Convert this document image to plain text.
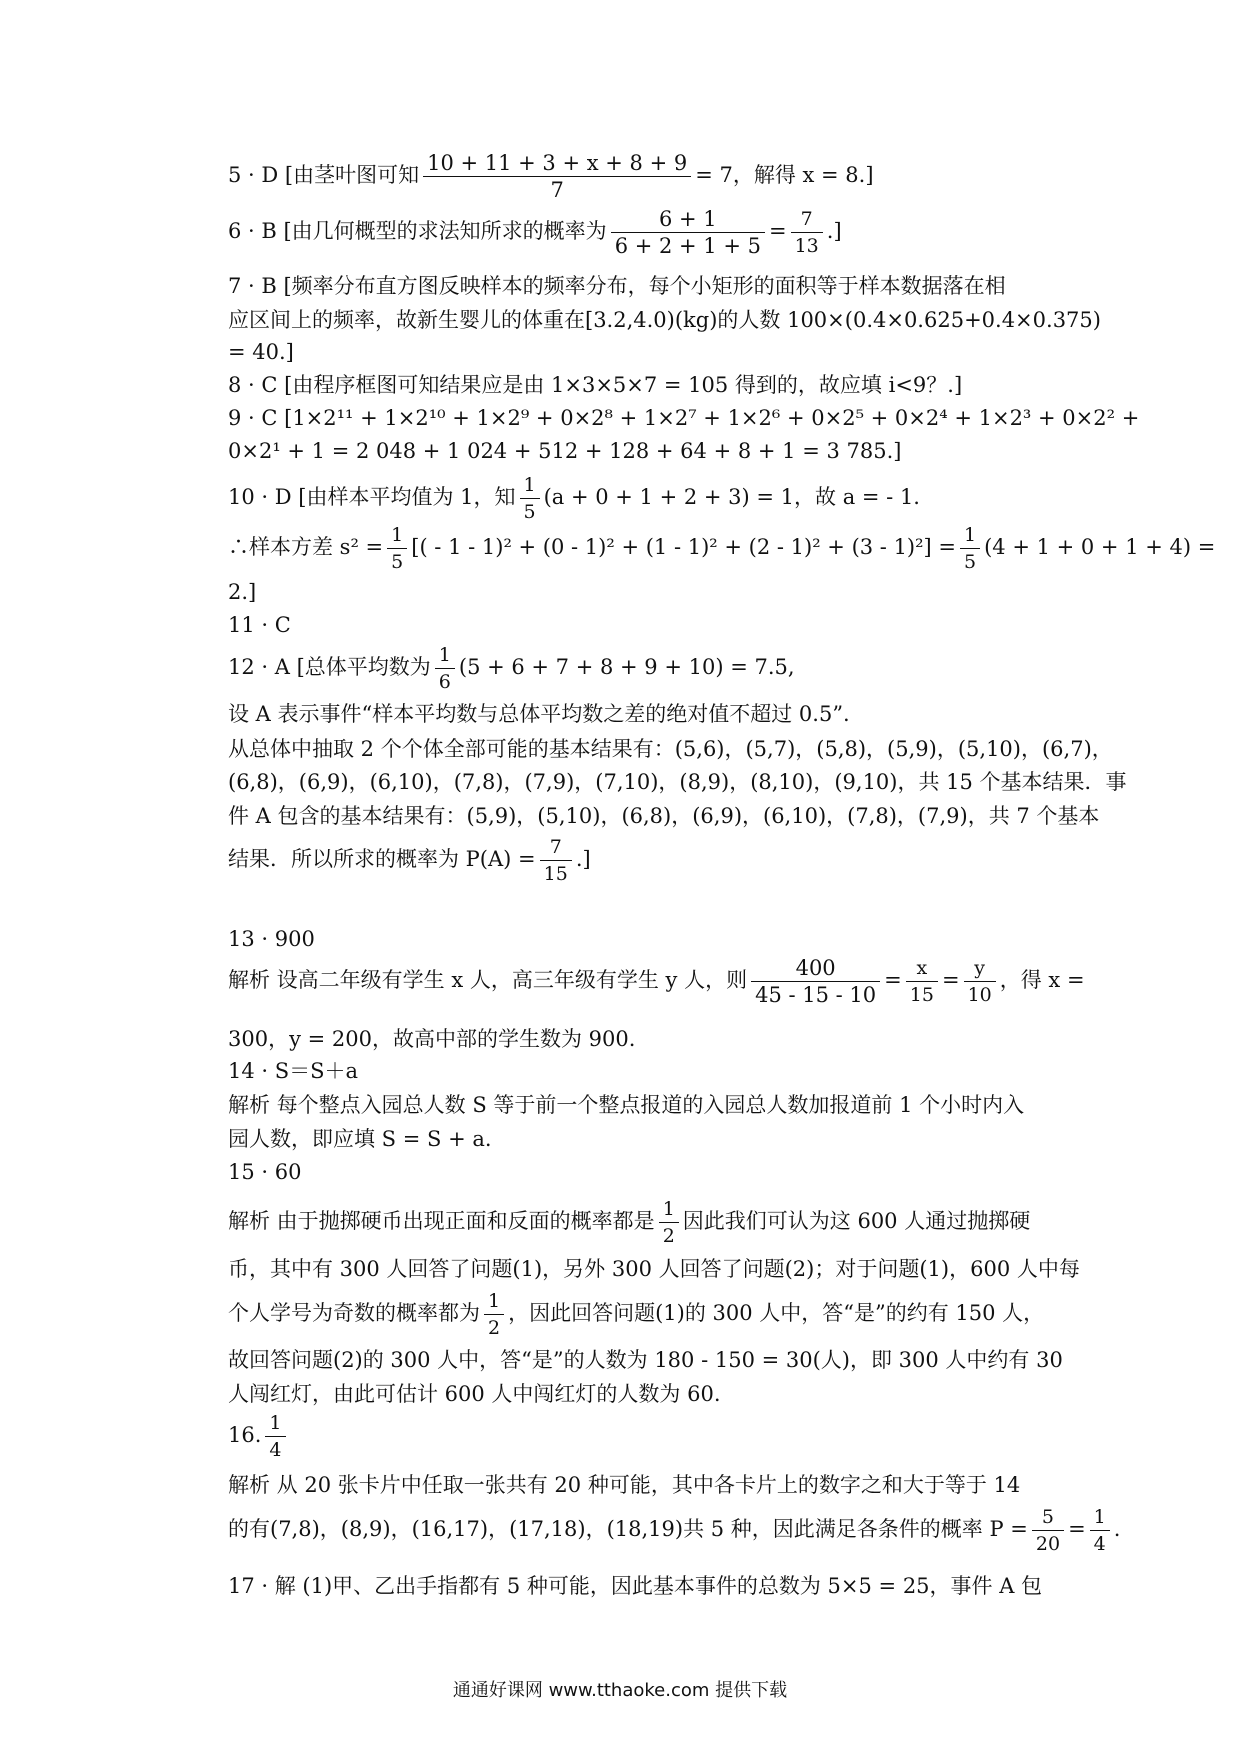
5 · D [由茎叶图可知 $\frac{10 + 11 + 3 + x + 8 + 9}{7} = 7$，解得 x = 8.]
6 · B [由几何概型的求法知所求的概率为 $\frac{6 + 1}{6 + 2 + 1 + 5} = \frac{7}{13}$ .]
7 · B [频率分布直方图反映样本的频率分布，每个小矩形的面积等于样本数据落在相
应区间上的频率，故新生婴儿的体重在[3.2,4.0)(kg)的人数 100×(0.4×0.625+0.4×0.375)
= 40.]
8 · C [由程序框图可知结果应是由 1×3×5×7 = 105 得到的，故应填 i<9？.]
9 · C [1×2¹¹ + 1×2¹⁰ + 1×2⁹ + 0×2⁸ + 1×2⁷ + 1×2⁶ + 0×2⁵ + 0×2⁴ + 1×2³ + 0×2² +
0×2¹ + 1 = 2 048 + 1 024 + 512 + 128 + 64 + 8 + 1 = 3 785.]
10 · D [由样本平均值为 1，知 $\frac{1}{5} (a + 0 + 1 + 2 + 3) = 1$，故 a = - 1.
∴样本方差 $s^2 = \frac{1}{5}$ [( - $1 - 1)^2 + (0 - 1)^2 + (1 - 1)^2 + (2 - 1)^2 + (3 - 1)^2] = \frac{1}{5} (4 + 1 + 0 + 1 + 4)$ =
2.]
11 · C
12 · A [总体平均数为 $\frac{1}{6} (5 + 6 + 7 + 8 + 9 + 10) = 7.5$,
设 A 表示事件“样本平均数与总体平均数之差的绝对值不超过 0.5”.
从总体中抽取 2 个个体全部可能的基本结果有：(5,6)，(5,7)，(5,8)，(5,9)，(5,10)，(6,7)，
(6,8)，(6,9)，(6,10)，(7,8)，(7,9)，(7,10)，(8,9)，(8,10)，(9,10)，共 15 个基本结果．事
件 A 包含的基本结果有：(5,9)，(5,10)，(6,8)，(6,9)，(6,10)，(7,8)，(7,9)，共 7 个基本
结果．所以所求的概率为 $P(A) = \frac{7}{15}$ .]
13 · 900
解析 设高二年级有学生 x 人，高三年级有学生 y 人，则 $\frac{400}{45 - 15 - 10} = \frac{x}{15} = \frac{y}{10}$ ，得 x =
300，y = 200，故高中部的学生数为 900.
14 · S＝S＋a
解析 每个整点入园总人数 S 等于前一个整点报道的入园总人数加报道前 1 个小时内入
园人数，即应填 S = S + a.
15 · 60
解析 由于抛掷硬币出现正面和反面的概率都是 $\frac{1}{2}$ 因此我们可认为这 600 人通过抛掷硬
币，其中有 300 人回答了问题(1)，另外 300 人回答了问题(2)；对于问题(1)，600 人中每
个人学号为奇数的概率都为 $\frac{1}{2}$ ，因此回答问题(1)的 300 人中，答“是”的约有 150 人，
故回答问题(2)的 300 人中，答“是”的人数为 180 - 150 = 30(人)，即 300 人中约有 30
人闯红灯，由此可估计 600 人中闯红灯的人数为 60.
16. $\frac{1}{4}$
解析 从 20 张卡片中任取一张共有 20 种可能，其中各卡片上的数字之和大于等于 14
的有(7,8)，(8,9)，(16,17)，(17,18)，(18,19)共 5 种，因此满足各条件的概率 $P = \frac{5}{20} = \frac{1}{4}$ .
17 · 解 (1)甲、乙出手指都有 5 种可能，因此基本事件的总数为 5×5 = 25，事件 A 包
通通好课网 www.tthaoke.com 提供下载
